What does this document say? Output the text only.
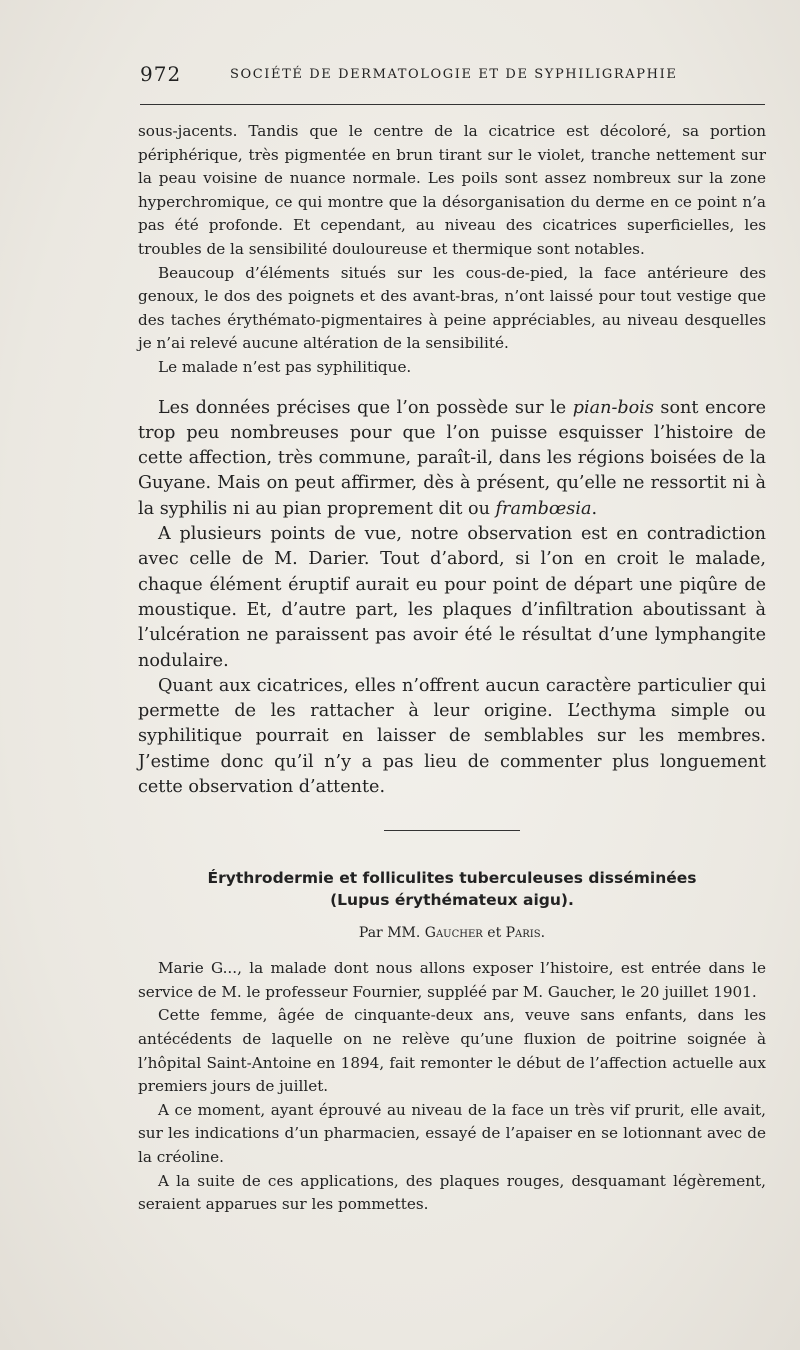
972	SOCIÉTÉ DE DERMATOLOGIE ET DE SYPHILIGRAPHIE

sous-jacents. Tandis que le centre de la cicatrice est décoloré, sa portion périphérique, très pigmentée en brun tirant sur le violet, tranche nettement sur la peau voisine de nuance normale. Les poils sont assez nombreux sur la zone hyperchromique, ce qui montre que la désorganisation du derme en ce point n’a pas été profonde. Et cependant, au niveau des cicatrices superficielles, les troubles de la sensibilité douloureuse et thermique sont notables.

Beaucoup d’éléments situés sur les cous-de-pied, la face antérieure des genoux, le dos des poignets et des avant-bras, n’ont laissé pour tout vestige que des taches érythémato-pigmentaires à peine appréciables, au niveau desquelles je n’ai relevé aucune altération de la sensibilité.

Le malade n’est pas syphilitique.

Les données précises que l’on possède sur le pian-bois sont encore trop peu nombreuses pour que l’on puisse esquisser l’histoire de cette affection, très commune, paraît-il, dans les régions boisées de la Guyane. Mais on peut affirmer, dès à présent, qu’elle ne ressortit ni à la syphilis ni au pian proprement dit ou frambœsia.

A plusieurs points de vue, notre observation est en contradiction avec celle de M. Darier. Tout d’abord, si l’on en croit le malade, chaque élément éruptif aurait eu pour point de départ une piqûre de moustique. Et, d’autre part, les plaques d’infiltration aboutissant à l’ulcération ne paraissent pas avoir été le résultat d’une lymphangite nodulaire.

Quant aux cicatrices, elles n’offrent aucun caractère particulier qui permette de les rattacher à leur origine. L’ecthyma simple ou syphilitique pourrait en laisser de semblables sur les membres. J’estime donc qu’il n’y a pas lieu de commenter plus longuement cette observation d’attente.

Érythrodermie et folliculites tuberculeuses disséminées
(Lupus érythémateux aigu).
Par MM. Gaucher et Paris.

Marie G..., la malade dont nous allons exposer l’histoire, est entrée dans le service de M. le professeur Fournier, suppléé par M. Gaucher, le 20 juillet 1901.

Cette femme, âgée de cinquante-deux ans, veuve sans enfants, dans les antécédents de laquelle on ne relève qu’une fluxion de poitrine soignée à l’hôpital Saint-Antoine en 1894, fait remonter le début de l’affection actuelle aux premiers jours de juillet.

A ce moment, ayant éprouvé au niveau de la face un très vif prurit, elle avait, sur les indications d’un pharmacien, essayé de l’apaiser en se lotionnant avec de la créoline.

A la suite de ces applications, des plaques rouges, desquamant légèrement, seraient apparues sur les pommettes.
